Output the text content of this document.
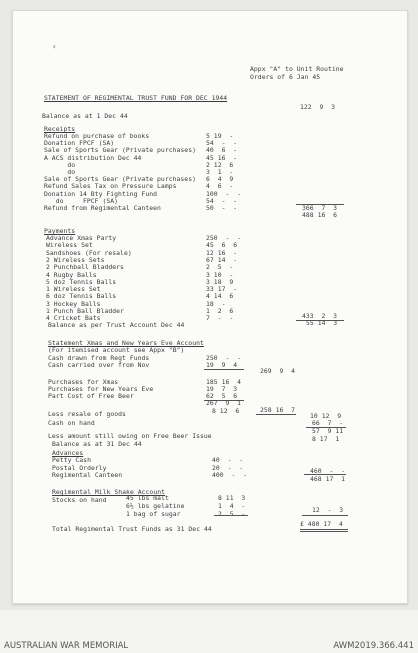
‹
Appx "A" to Unit Routine
Orders of 6 Jan 45
STATEMENT OF REGIMENTAL TRUST FUND FOR DEC 1944
122  9  3
Balance as at 1 Dec 44
Receipts
Refund on purchase of books	5 19  -
Donation FPCF (SA)	54  -  -
Sale of Sports Gear (Private purchases) 40  6  -
A ACS distribution Dec 44	45 16  -
do	2 12  6
do	3  1  -
Sale of Sports Gear (Private purchases) 6  4  9
Refund Sales Tax on Pressure Lamps	4  6  -
Donation 14 Bty Fighting Fund	100  -  -
do     FPCF (SA)	54  -  -
Refund from Regimental Canteen	50  -  -	366  7  3
488 16  6
Payments
Advance Xmas Party	250  -  -
Wireless Set	45  6  6
Sandshoes (For resale)	12 16  -
2 Wireless Sets	67 14  -
2 Punchball Bladders	2  5  -
4 Rugby Balls	3 10  -
5 doz Tennis Balls	3 18  9
1 Wireless Set	33 17  -
6 doz Tennis Balls	4 14  6
3 Hockey Balls	18  -
1 Punch Ball Bladder	1  2  6
4 Cricket Bats	7  -  -	433  2  3
Balance as per Trust Account Dec 44	55 14  3
Statement Xmas and New Years Eve Account
(For itemised account see Appx "B")
Cash drawn from Regt Funds	250  -  -
Cash carried over from Nov	19  9  4
269  9  4
Purchases for Xmas	185 16  4
Purchases for New Years Eve	19  7  3
Part Cost of Free Beer	62  5  6
267  9  1
Less resale of goods	8 12  6	258 16  7
10 12  9
Cash on hand	66  7  -
57  9 11
Less amount still owing on Free Beer Issue	8 17  1
Balance as at 31 Dec 44
Advances
Petty Cash	40  -  -
Postal Orderly	20  -  -
Regimental Canteen	400  -  -
460  -  -
468 17  1
Regimental Milk Shake Account
Stocks on hand	45 lbs malt	8 11  3
6½ lbs gelatine	1  4  -
1 bag of sugar	2  5  -	12  -  3
Total Regimental Trust Funds as 31 Dec 44
£ 480 17  4
AUSTRALIAN WAR MEMORIAL	AWM2019.366.441
